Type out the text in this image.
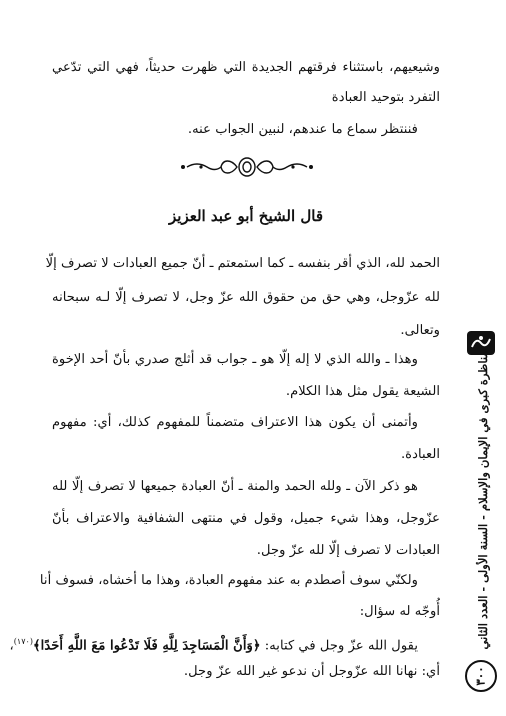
وشيعيهم، باستثناء فرقتهم الجديدة التي ظهرت حديثاً، فهي التي تدّعي
التفرد بتوحيد العبادة
فننتظر سماع ما عندهم، لنبين الجواب عنه.
قال الشيخ أبو عبد العزيز
الحمد لله، الذي أقر بنفسه ـ كما استمعتم ـ أنّ جميع العبادات لا تصرف إلّا
لله عزّوجل، وهي حق من حقوق الله عزّ وجل، لا تصرف إلّا لـه سبحانه
وتعالى.
وهذا ـ والله الذي لا إله إلّا هو ـ جواب قد أثلج صدري بأنّ أحد الإخوة
الشيعة يقول مثل هذا الكلام.
وأتمنى أن يكون هذا الاعتراف متضمناً للمفهوم كذلك، أي: مفهوم
العبادة.
هو ذكر الآن ـ ولله الحمد والمنة ـ أنّ العبادة جميعها لا تصرف إلّا لله
عزّوجل، وهذا شيء جميل، وقول في منتهى الشفافية والاعتراف بأنّ
العبادات لا تصرف إلّا لله عزّ وجل.
ولكنّي سوف أصطدم به عند مفهوم العبادة، وهذا ما أخشاه، فسوف أنا
أُوجّه له سؤال:
يقول الله عزّ وجل في كتابه: ﴿وَأَنَّ الْمَسَاجِدَ لِلَّهِ فَلَا تَدْعُوا مَعَ اللَّهِ أَحَدًا﴾$^{(١٧٠)}$،
أي: نهانا الله عزّوجل أن ندعو غير الله عزّ وجل.
مناظرة كبرى في الإيمان والإسلام - السنة الأولى - العدد الثاني
٣٠٠
